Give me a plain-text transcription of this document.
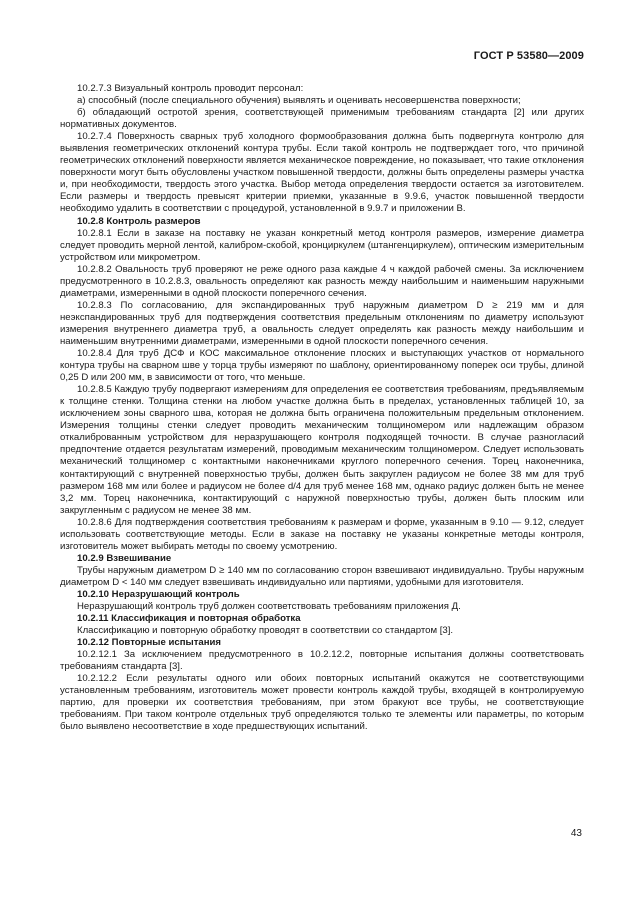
ГОСТ Р 53580—2009

10.2.7.3 Визуальный контроль проводит персонал:

а) способный (после специального обучения) выявлять и оценивать несовершенства поверхности;

б) обладающий остротой зрения, соответствующей применимым требованиям стандарта [2] или других нормативных документов.

10.2.7.4 Поверхность сварных труб холодного формообразования должна быть подвергнута контролю для выявления геометрических отклонений контура трубы. Если такой контроль не подтверждает того, что причиной геометрических отклонений поверхности является механическое повреждение, но показывает, что такие отклонения поверхности могут быть обусловлены участком повышенной твердости, должны быть определены размеры участка и, при необходимости, твердость этого участка. Выбор метода определения твердости остается за изготовителем. Если размеры и твердость превысят критерии приемки, указанные в 9.9.6, участок повышенной твердости необходимо удалить в соответствии с процедурой, установленной в 9.9.7 и приложении В.

10.2.8 Контроль размеров

10.2.8.1 Если в заказе на поставку не указан конкретный метод контроля размеров, измерение диаметра следует проводить мерной лентой, калибром-скобой, кронциркулем (штангенциркулем), оптическим измерительным устройством или микрометром.

10.2.8.2 Овальность труб проверяют не реже одного раза каждые 4 ч каждой рабочей смены. За исключением предусмотренного в 10.2.8.3, овальность определяют как разность между наибольшим и наименьшим наружными диаметрами, измеренными в одной плоскости поперечного сечения.

10.2.8.3 По согласованию, для экспандированных труб наружным диаметром D ≥ 219 мм и для неэкспандированных труб для подтверждения соответствия предельным отклонениям по диаметру используют измерения внутреннего диаметра труб, а овальность следует определять как разность между наибольшим и наименьшим внутренними диаметрами, измеренными в одной плоскости поперечного сечения.

10.2.8.4 Для труб ДСФ и КОС максимальное отклонение плоских и выступающих участков от нормального контура трубы на сварном шве у торца трубы измеряют по шаблону, ориентированному поперек оси трубы, длиной 0,25 D или 200 мм, в зависимости от того, что меньше.

10.2.8.5 Каждую трубу подвергают измерениям для определения ее соответствия требованиям, предъявляемым к толщине стенки. Толщина стенки на любом участке должна быть в пределах, установленных таблицей 10, за исключением зоны сварного шва, которая не должна быть ограничена положительным предельным отклонением. Измерения толщины стенки следует проводить механическим толщиномером или надлежащим образом откалиброванным устройством для неразрушающего контроля подходящей точности. В случае разногласий предпочтение отдается результатам измерений, проводимым механическим толщиномером. Следует использовать механический толщиномер с контактными наконечниками круглого поперечного сечения. Торец наконечника, контактирующий с внутренней поверхностью трубы, должен быть закруглен радиусом не более 38 мм для труб размером 168 мм или более и радиусом не более d/4 для труб менее 168 мм, однако радиус должен быть не менее 3,2 мм. Торец наконечника, контактирующий с наружной поверхностью трубы, должен быть плоским или закругленным с радиусом не менее 38 мм.

10.2.8.6 Для подтверждения соответствия требованиям к размерам и форме, указанным в 9.10 — 9.12, следует использовать соответствующие методы. Если в заказе на поставку не указаны конкретные методы контроля, изготовитель может выбирать методы по своему усмотрению.

10.2.9 Взвешивание

Трубы наружным диаметром D ≥ 140 мм по согласованию сторон взвешивают индивидуально. Трубы наружным диаметром D < 140 мм следует взвешивать индивидуально или партиями, удобными для изготовителя.

10.2.10 Неразрушающий контроль

Неразрушающий контроль труб должен соответствовать требованиям приложения Д.

10.2.11 Классификация и повторная обработка

Классификацию и повторную обработку проводят в соответствии со стандартом [3].

10.2.12 Повторные испытания

10.2.12.1 За исключением предусмотренного в 10.2.12.2, повторные испытания должны соответствовать требованиям стандарта [3].

10.2.12.2 Если результаты одного или обоих повторных испытаний окажутся не соответствующими установленным требованиям, изготовитель может провести контроль каждой трубы, входящей в контролируемую партию, для проверки их соответствия требованиям, при этом бракуют все трубы, не соответствующие требованиям. При таком контроле отдельных труб определяются только те элементы или параметры, по которым было выявлено несоответствие в ходе предшествующих испытаний.

43
